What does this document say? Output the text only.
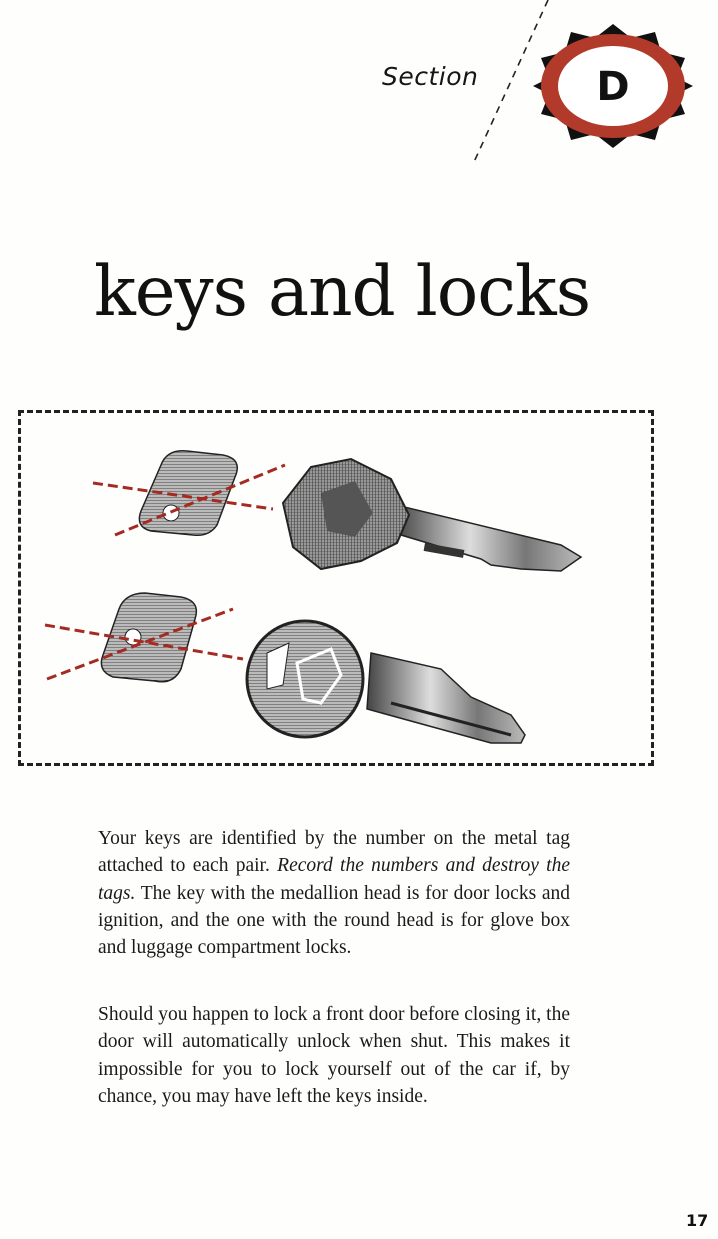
Section	D
keys and locks

Your keys are identified by the number on the metal tag attached to each pair. Record the numbers and destroy the tags. The key with the medallion head is for door locks and ignition, and the one with the round head is for glove box and luggage compartment locks.

Should you happen to lock a front door before closing it, the door will automatically unlock when shut. This makes it impossible for you to lock yourself out of the car if, by chance, you may have left the keys inside.

17
